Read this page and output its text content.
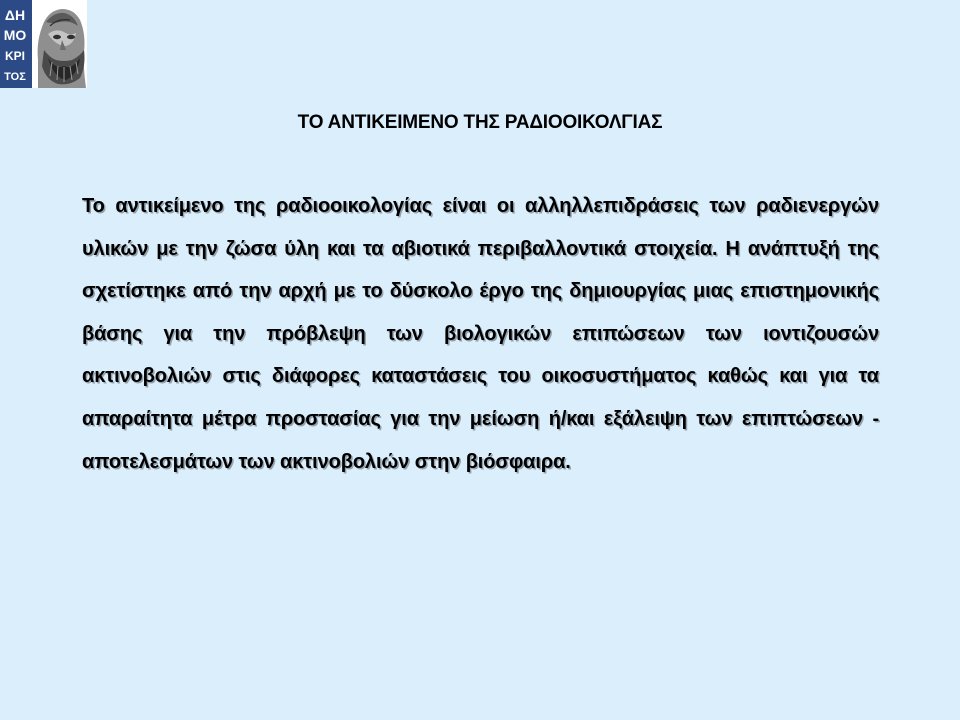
ΔΗ
ΜΟ
ΚΡΙ
ΤΟΣ
ΤΟ ΑΝΤΙΚΕΙΜΕΝΟ ΤΗΣ ΡΑΔΙΟΟΙΚΟΛΓΙΑΣ

Το αντικείμενο της ραδιοοικολογίας είναι οι αλληλλεπιδράσεις των ραδιενεργών υλικών με την ζώσα ύλη και τα αβιοτικά περιβαλλοντικά στοιχεία. Η ανάπτυξή της σχετίστηκε από την αρχή με το δύσκολο έργο της δημιουργίας μιας επιστημονικής βάσης για την πρόβλεψη των βιολογικών επιπώσεων των ιοντιζουσών ακτινοβολιών στις διάφορες καταστάσεις του οικοσυστήματος καθώς και για τα απαραίτητα μέτρα προστασίας για την μείωση ή/και εξάλειψη των επιπτώσεων - αποτελεσμάτων των ακτινοβολιών στην βιόσφαιρα.
